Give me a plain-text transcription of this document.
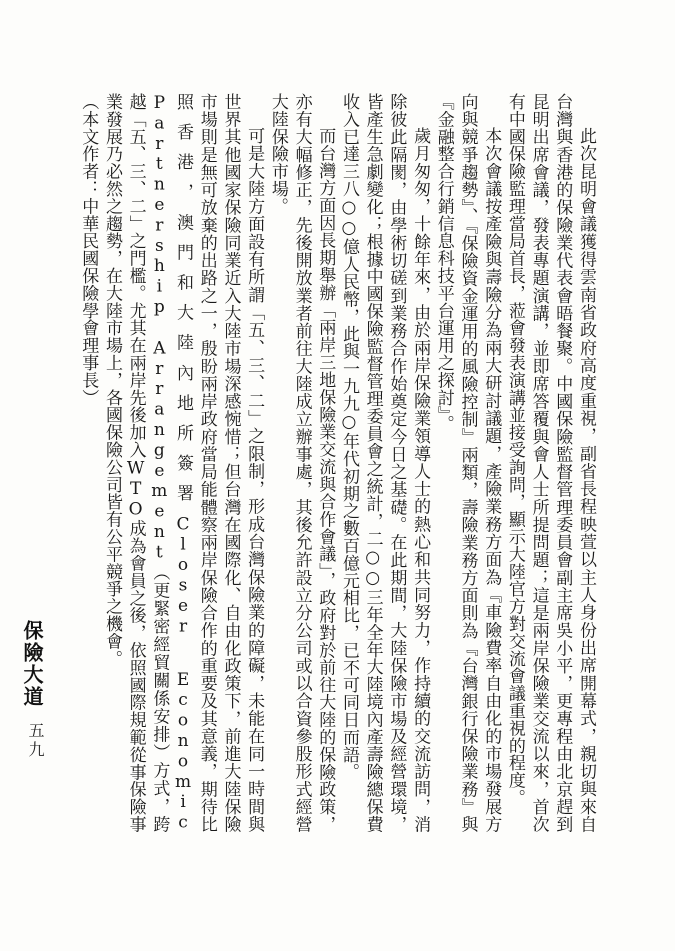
此次昆明會議獲得雲南省政府高度重視，副省長程映萱以主人身份出席開幕式，親切與來自台灣與香港的保險業代表會晤餐聚。中國保險監督管理委員會副主席吳小平，更專程由北京趕到昆明出席會議，發表專題演講，並即席答覆與會人士所提問題；這是兩岸保險業交流以來，首次有中國保險監理當局首長，蒞會發表演講並接受詢問，顯示大陸官方對交流會議重視的程度。

本次會議按產險與壽險分為兩大研討議題，產險業務方面為『車險費率自由化的市場發展方向與競爭趨勢』、『保險資金運用的風險控制』兩類，壽險業務方面則為『台灣銀行保險業務』與『金融整合行銷信息科技平台運用之探討』。

歲月匆匆，十餘年來，由於兩岸保險業領導人士的熱心和共同努力，作持續的交流訪問，消除彼此隔閡，由學術切磋到業務合作始奠定今日之基礎。在此期間，大陸保險市場及經營環境，皆產生急劇變化；根據中國保險監督管理委員會之統計，二○○三年全年大陸境內產壽險總保費收入已達三八○○億人民幣，此與一九九○年代初期之數百億元相比，已不可同日而語。

而台灣方面因長期舉辦「兩岸三地保險業交流與合作會議」，政府對於前往大陸的保險政策，亦有大幅修正，先後開放業者前往大陸成立辦事處，其後允許設立分公司或以合資參股形式經營大陸保險市場。

可是大陸方面設有所謂「五、三、二」之限制，形成台灣保險業的障礙，未能在同一時間與世界其他國家保險同業近入大陸市場深感惋惜；但台灣在國際化、自由化政策下，前進大陸保險市場則是無可放棄的出路之一，殷盼兩岸政府當局能體察兩岸保險合作的重要及其意義，期待比照香港，澳門和大陸內地所簽署Closer Economic Partnership Arrangement（更緊密經貿關係安排）方式，跨越「五、三、二」之門檻。尤其在兩岸先後加入WTO成為會員之後，依照國際規範從事保險事業發展乃必然之趨勢，在大陸市場上，各國保險公司皆有公平競爭之機會。

（本文作者：中華民國保險學會理事長）

保險大道
五九
